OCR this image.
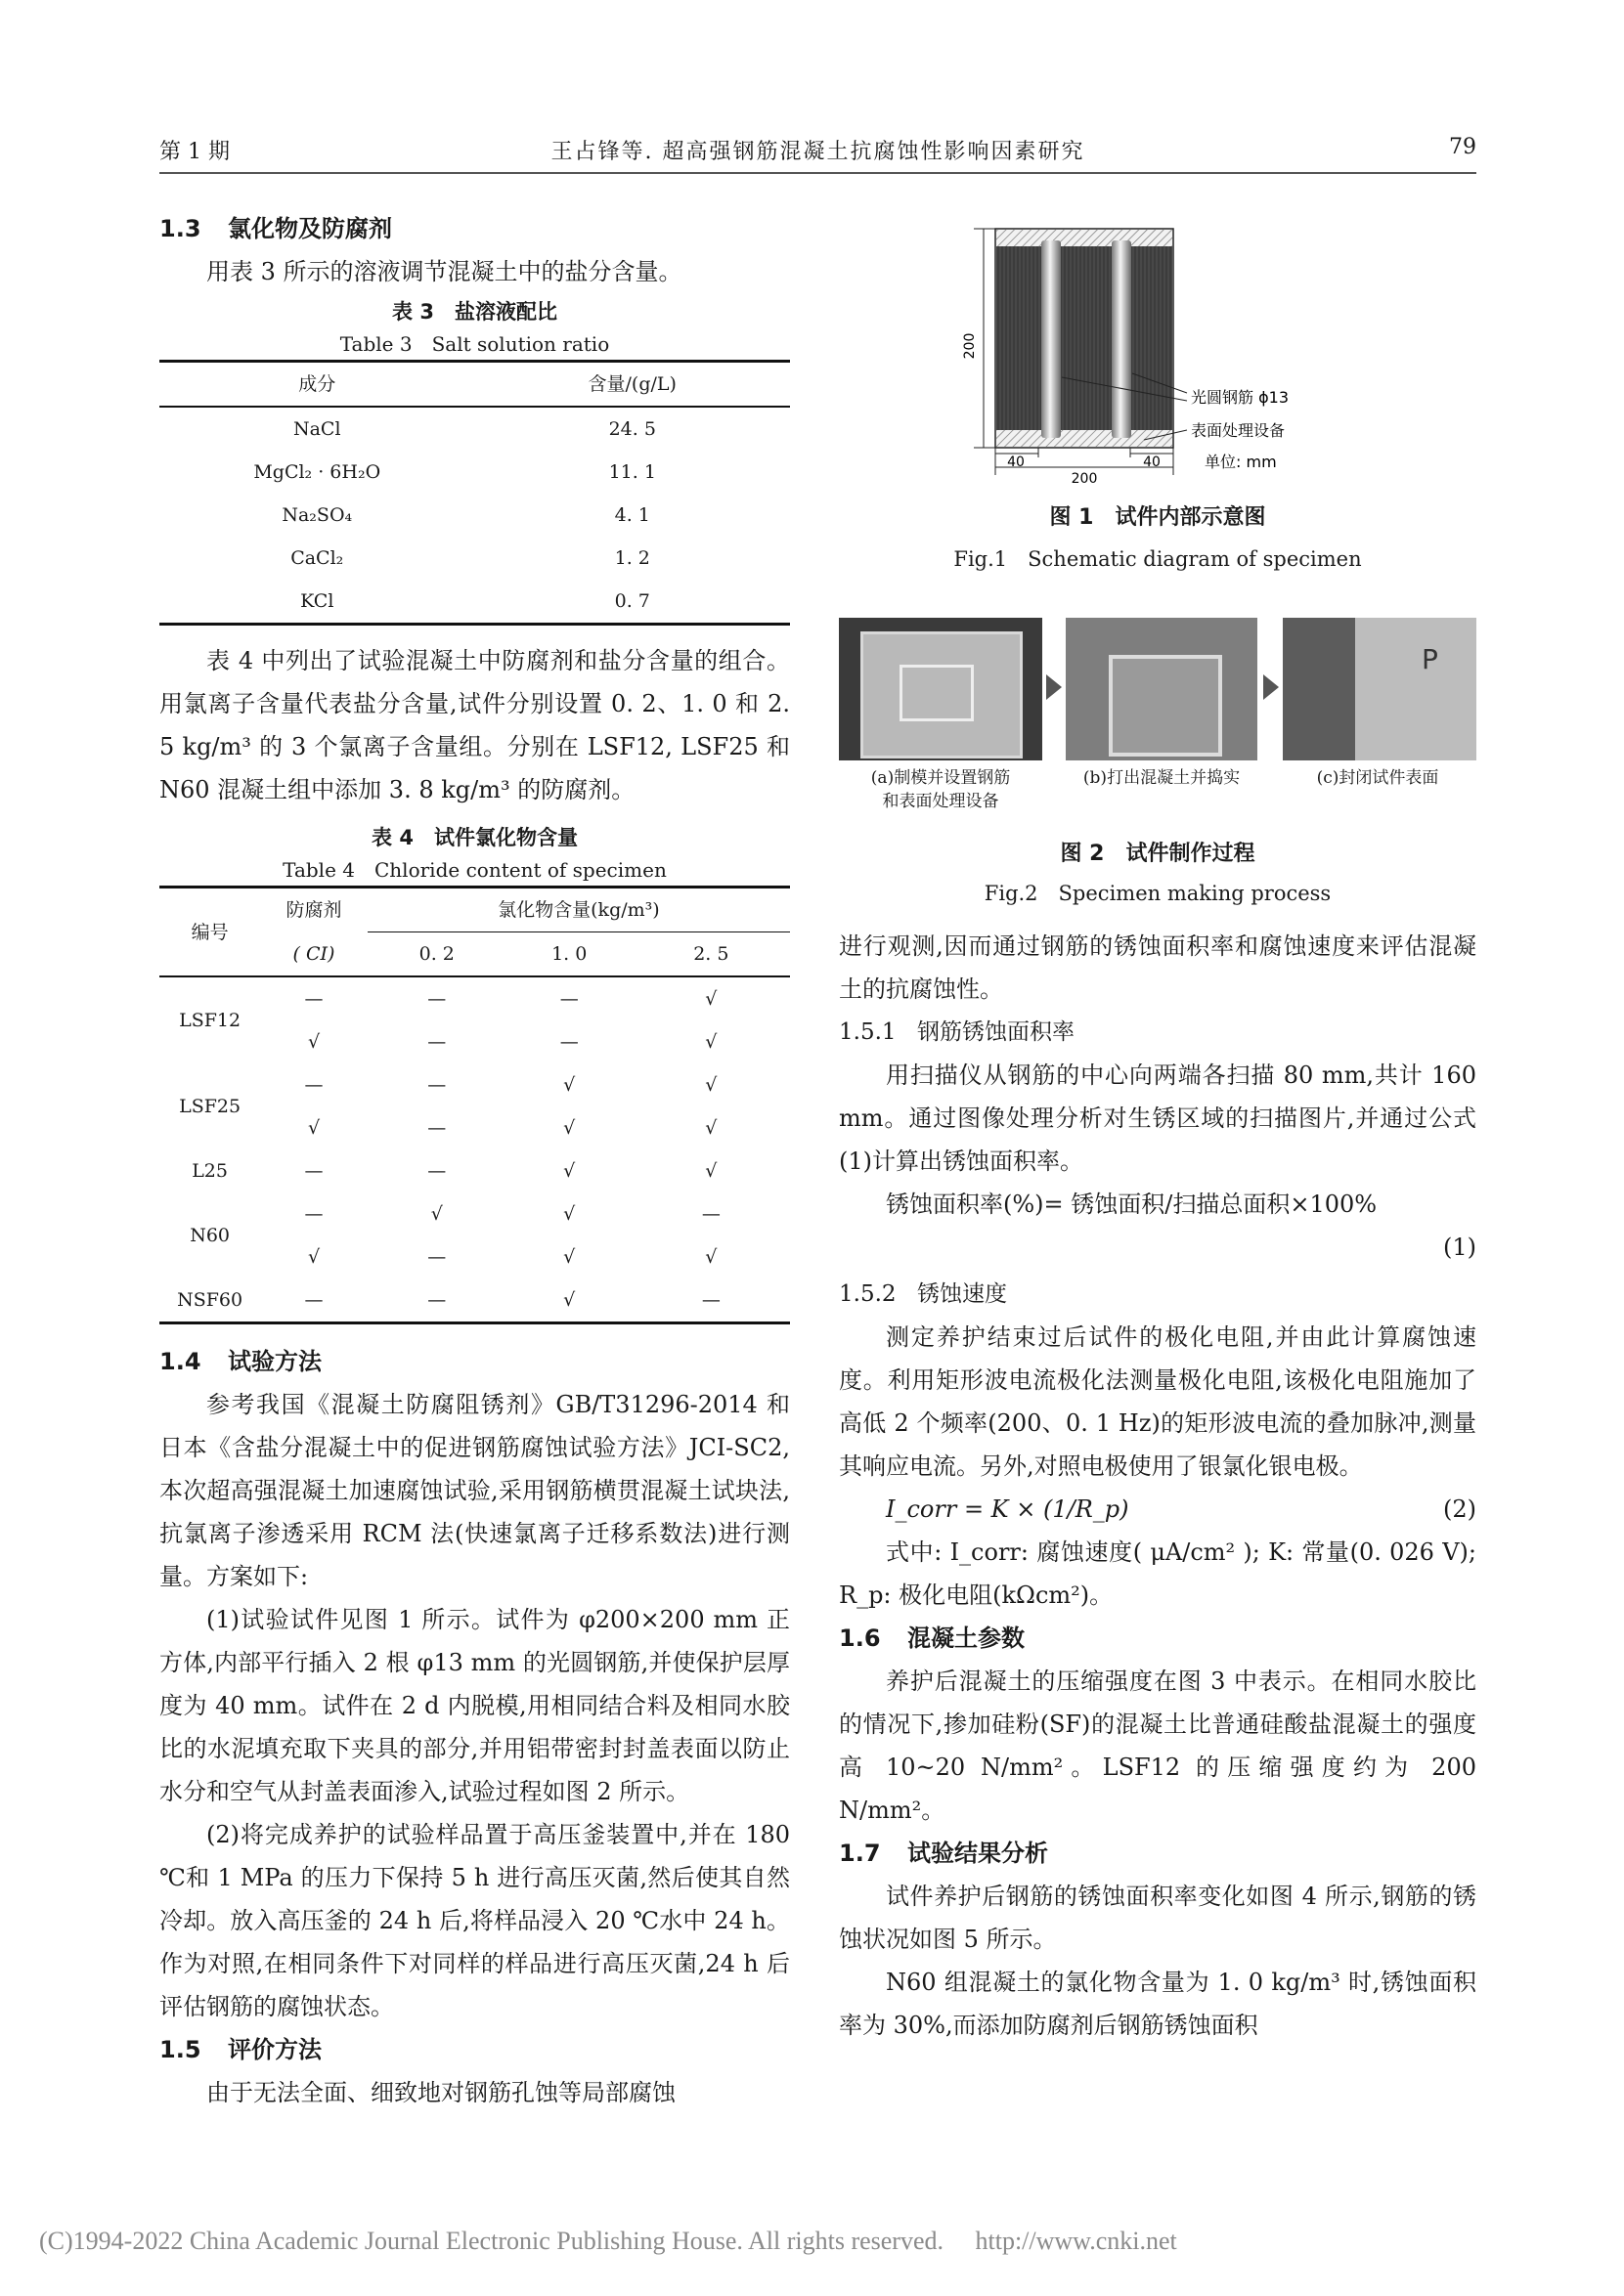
第 1 期	王占锋等. 超高强钢筋混凝土抗腐蚀性影响因素研究	79
1.3 氯化物及防腐剂

用表 3 所示的溶液调节混凝土中的盐分含量。

表 3　盐溶液配比
Table 3　Salt solution ratio
成分	含量/(g/L)
NaCl	24. 5
MgCl₂ · 6H₂O	11. 1
Na₂SO₄	4. 1
CaCl₂	1. 2
KCl	0. 7

表 4 中列出了试验混凝土中防腐剂和盐分含量的组合。用氯离子含量代表盐分含量,试件分别设置 0. 2、1. 0 和 2. 5 kg/m³ 的 3 个氯离子含量组。分别在 LSF12, LSF25 和 N60 混凝土组中添加 3. 8 kg/m³ 的防腐剂。

表 4　试件氯化物含量
Table 4　Chloride content of specimen
编号	防腐剂	氯化物含量(kg/m³)		
	( CI)	0. 2	1. 0	2. 5
LSF12	—	—	—	√
	√	—	—	√
LSF25	—	—	√	√
	√	—	√	√
L25	—	—	√	√
N60	—	√	√	—
	√	—	√	√
NSF60	—	—	√	—
1.4 试验方法

参考我国《混凝土防腐阻锈剂》GB/T31296-2014 和日本《含盐分混凝土中的促进钢筋腐蚀试验方法》JCI-SC2,本次超高强混凝土加速腐蚀试验,采用钢筋横贯混凝土试块法,抗氯离子渗透采用 RCM 法(快速氯离子迁移系数法)进行测量。方案如下:

(1)试验试件见图 1 所示。试件为 φ200×200 mm 正方体,内部平行插入 2 根 φ13 mm 的光圆钢筋,并使保护层厚度为 40 mm。试件在 2 d 内脱模,用相同结合料及相同水胶比的水泥填充取下夹具的部分,并用铝带密封封盖表面以防止水分和空气从封盖表面渗入,试验过程如图 2 所示。

(2)将完成养护的试验样品置于高压釜装置中,并在 180 ℃和 1 MPa 的压力下保持 5 h 进行高压灭菌,然后使其自然冷却。放入高压釜的 24 h 后,将样品浸入 20 ℃水中 24 h。作为对照,在相同条件下对同样的样品进行高压灭菌,24 h 后评估钢筋的腐蚀状态。

1.5 评价方法

由于无法全面、细致地对钢筋孔蚀等局部腐蚀

200
40	40
200
光圆钢筋 ϕ13
表面处理设备
单位: mm
图 1　试件内部示意图
Fig.1　Schematic diagram of specimen
P
(a)制模并设置钢筋
和表面处理设备
(b)打出混凝土并捣实	(c)封闭试件表面
图 2　试件制作过程
Fig.2　Specimen making process

进行观测,因而通过钢筋的锈蚀面积率和腐蚀速度来评估混凝土的抗腐蚀性。

1.5.1 钢筋锈蚀面积率

用扫描仪从钢筋的中心向两端各扫描 80 mm,共计 160 mm。通过图像处理分析对生锈区域的扫描图片,并通过公式(1)计算出锈蚀面积率。

锈蚀面积率(%)= 锈蚀面积/扫描总面积×100%

(1)
1.5.2 锈蚀速度

测定养护结束过后试件的极化电阻,并由此计算腐蚀速度。利用矩形波电流极化法测量极化电阻,该极化电阻施加了高低 2 个频率(200、0. 1 Hz)的矩形波电流的叠加脉冲,测量其响应电流。另外,对照电极使用了银氯化银电极。

I_corr = K × (1/R_p)	(2)

式中: I_corr: 腐蚀速度( μA/cm² ); K: 常量(0. 026 V); R_p: 极化电阻(kΩcm²)。

1.6 混凝土参数

养护后混凝土的压缩强度在图 3 中表示。在相同水胶比的情况下,掺加硅粉(SF)的混凝土比普通硅酸盐混凝土的强度高 10~20 N/mm²。LSF12 的压缩强度约为 200 N/mm²。

1.7 试验结果分析

试件养护后钢筋的锈蚀面积率变化如图 4 所示,钢筋的锈蚀状况如图 5 所示。

N60 组混凝土的氯化物含量为 1. 0 kg/m³ 时,锈蚀面积率为 30%,而添加防腐剂后钢筋锈蚀面积

(C)1994-2022 China Academic Journal Electronic Publishing House. All rights reserved.　 http://www.cnki.net
